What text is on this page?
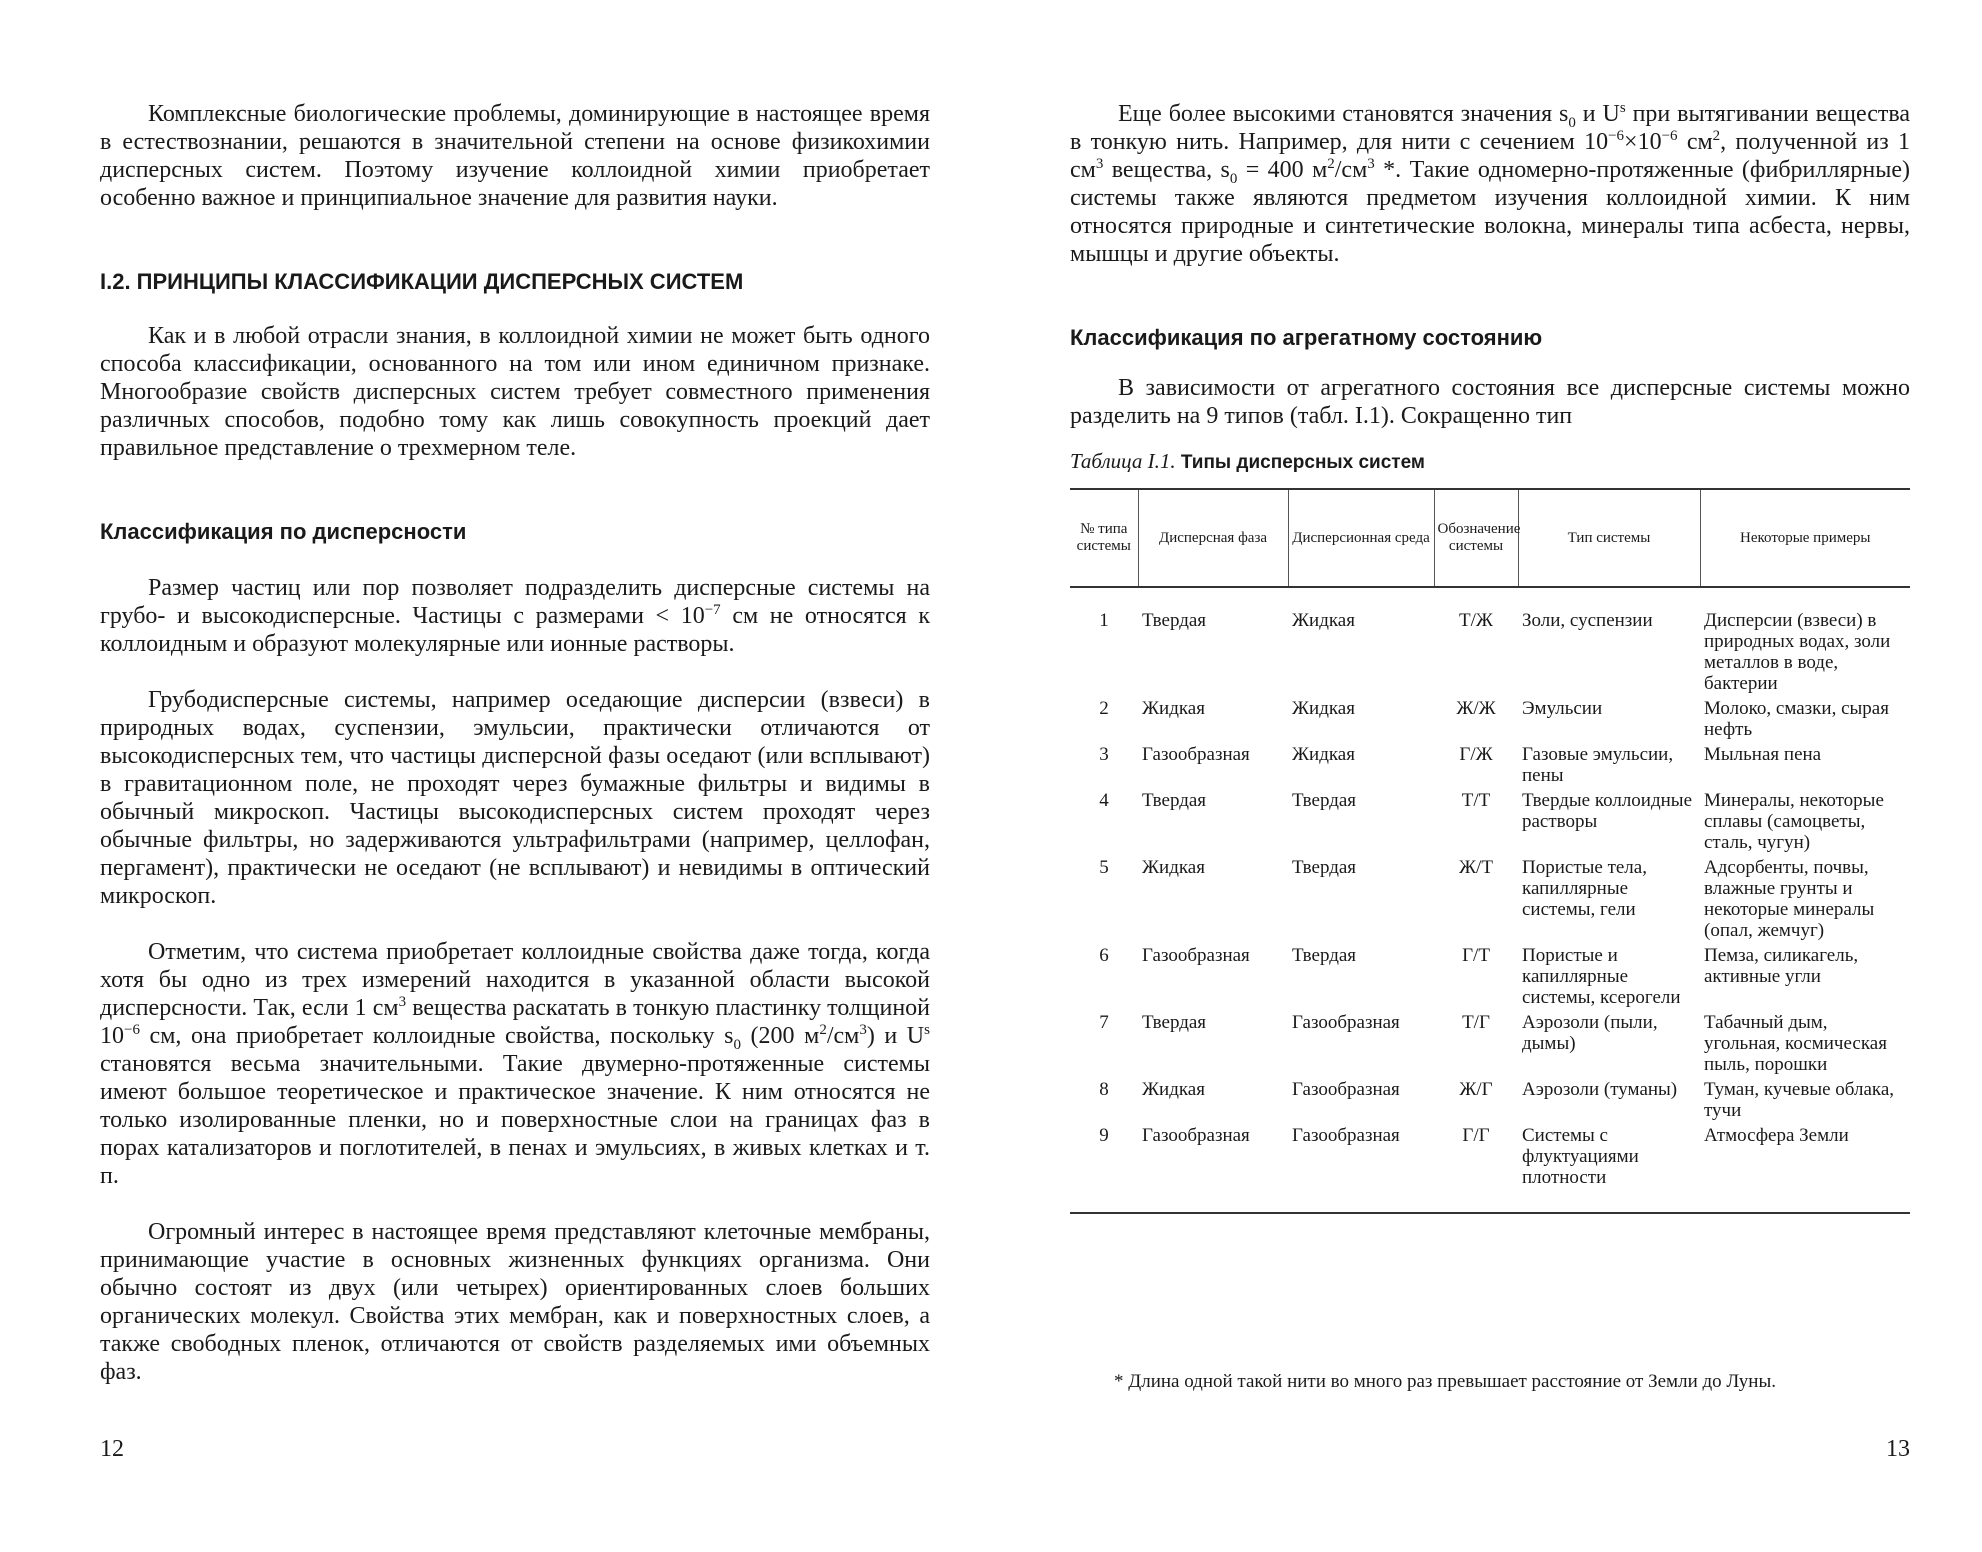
Комплексные биологические проблемы, доминирующие в настоящее время в естествознании, решаются в значительной степени на основе физикохимии дисперсных систем. Поэтому изучение коллоидной химии приобретает особенно важное и принципиальное значение для развития науки.

I.2. ПРИНЦИПЫ КЛАССИФИКАЦИИ ДИСПЕРСНЫХ СИСТЕМ

Как и в любой отрасли знания, в коллоидной химии не может быть одного способа классификации, основанного на том или ином единичном признаке. Многообразие свойств дисперсных систем требует совместного применения различных способов, подобно тому как лишь совокупность проекций дает правильное представление о трехмерном теле.

Классификация по дисперсности

Размер частиц или пор позволяет подразделить дисперсные системы на грубо- и высокодисперсные. Частицы с размерами < $10^{-7}$ см не относятся к коллоидным и образуют молекулярные или ионные растворы.

Грубодисперсные системы, например оседающие дисперсии (взвеси) в природных водах, суспензии, эмульсии, практически отличаются от высокодисперсных тем, что частицы дисперсной фазы оседают (или всплывают) в гравитационном поле, не проходят через бумажные фильтры и видимы в обычный микроскоп. Частицы высокодисперсных систем проходят через обычные фильтры, но задерживаются ультрафильтрами (например, целлофан, пергамент), практически не оседают (не всплывают) и невидимы в оптический микроскоп.

Отметим, что система приобретает коллоидные свойства даже тогда, когда хотя бы одно из трех измерений находится в указанной области высокой дисперсности. Так, если 1 $см^3$ вещества раскатать в тонкую пластинку толщиной $10^{-6}$ см, она приобретает коллоидные свойства, поскольку $s_0$ (200 $м^2/см^3$) и $U^s$ становятся весьма значительными. Такие двумерно-протяженные системы имеют большое теоретическое и практическое значение. К ним относятся не только изолированные пленки, но и поверхностные слои на границах фаз в порах катализаторов и поглотителей, в пенах и эмульсиях, в живых клетках и т. п.

Огромный интерес в настоящее время представляют клеточные мембраны, принимающие участие в основных жизненных функциях организма. Они обычно состоят из двух (или четырех) ориентированных слоев больших органических молекул. Свойства этих мембран, как и поверхностных слоев, а также свободных пленок, отличаются от свойств разделяемых ими объемных фаз.

12

Еще более высокими становятся значения $s_0$ и $U^s$ при вытягивании вещества в тонкую нить. Например, для нити с сечением $10^{-6}\times 10^{-6}$ $см^2$, полученной из 1 $см^3$ вещества, $s_0 = 400$ $м^2/см^3$ *. Такие одномерно-протяженные (фибриллярные) системы также являются предметом изучения коллоидной химии. К ним относятся природные и синтетические волокна, минералы типа асбеста, нервы, мышцы и другие объекты.

Классификация по агрегатному состоянию

В зависимости от агрегатного состояния все дисперсные системы можно разделить на 9 типов (табл. I.1). Сокращенно тип

Таблица I.1. Типы дисперсных систем
№ типа системы	Дисперсная фаза	Дисперсионная среда	Обозначение системы	Тип системы	Некоторые примеры
1	Твердая	Жидкая	Т/Ж	Золи, суспензии	Дисперсии (взвеси) в природных водах, золи металлов в воде, бактерии
2	Жидкая	Жидкая	Ж/Ж	Эмульсии	Молоко, смазки, сырая нефть
3	Газообразная	Жидкая	Г/Ж	Газовые эмульсии, пены	Мыльная пена
4	Твердая	Твердая	Т/Т	Твердые коллоидные растворы	Минералы, некоторые сплавы (самоцветы, сталь, чугун)
5	Жидкая	Твердая	Ж/Т	Пористые тела, капиллярные системы, гели	Адсорбенты, почвы, влажные грунты и некоторые минералы (опал, жемчуг)
6	Газообразная	Твердая	Г/Т	Пористые и капиллярные системы, ксерогели	Пемза, силикагель, активные угли
7	Твердая	Газообразная	Т/Г	Аэрозоли (пыли, дымы)	Табачный дым, угольная, космическая пыль, порошки
8	Жидкая	Газообразная	Ж/Г	Аэрозоли (туманы)	Туман, кучевые облака, тучи
9	Газообразная	Газообразная	Г/Г	Системы с флуктуациями плотности	Атмосфера Земли

* Длина одной такой нити во много раз превышает расстояние от Земли до Луны.

13
